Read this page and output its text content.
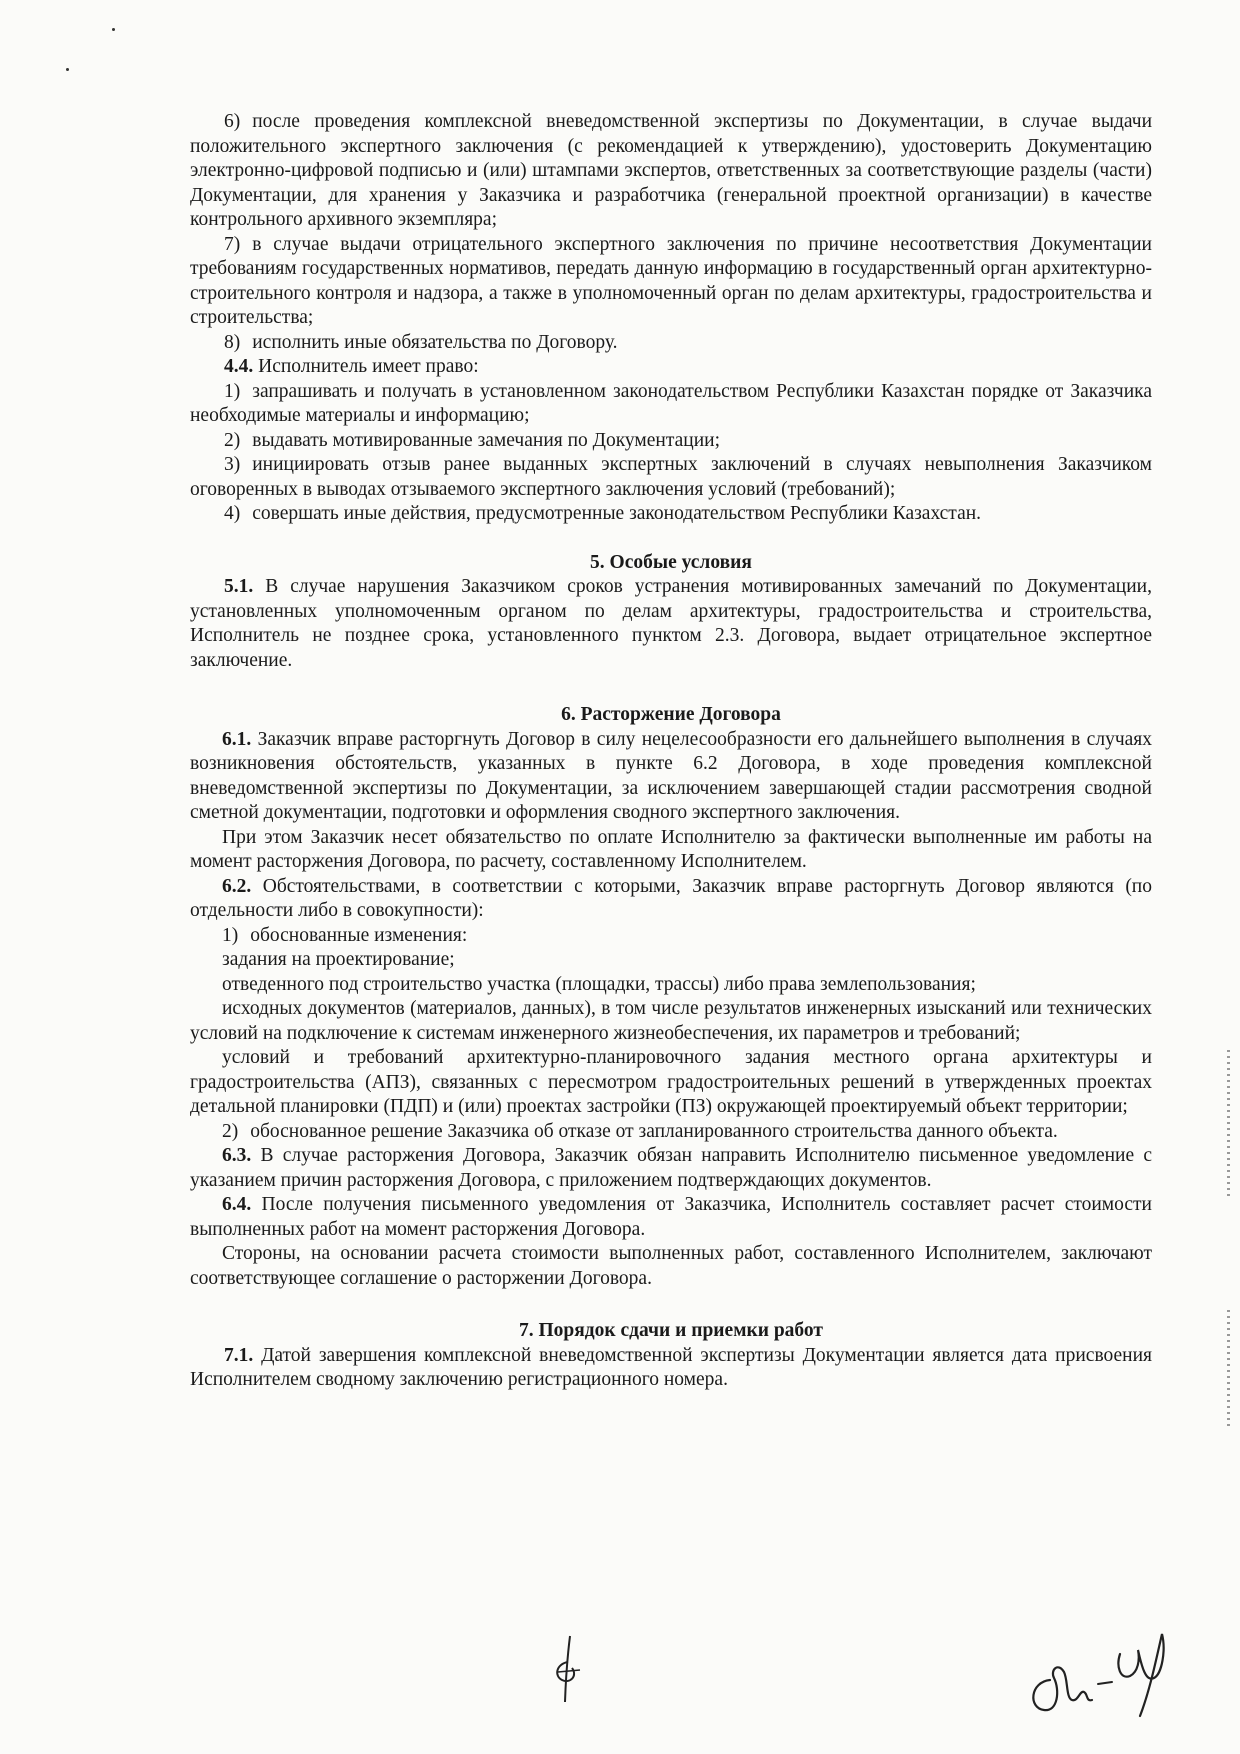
6) после проведения комплексной вневедомственной экспертизы по Документации, в случае выдачи положительного экспертного заключения (с рекомендацией к утверждению), удостоверить Документацию электронно-цифровой подписью и (или) штампами экспертов, ответственных за соответствующие разделы (части) Документации, для хранения у Заказчика и разработчика (генеральной проектной организации) в качестве контрольного архивного экземпляра;

7) в случае выдачи отрицательного экспертного заключения по причине несоответствия Документации требованиям государственных нормативов, передать данную информацию в государственный орган архитектурно-строительного контроля и надзора, а также в уполномоченный орган по делам архитектуры, градостроительства и строительства;

8) исполнить иные обязательства по Договору.

4.4. Исполнитель имеет право:

1) запрашивать и получать в установленном законодательством Республики Казахстан порядке от Заказчика необходимые материалы и информацию;

2) выдавать мотивированные замечания по Документации;

3) инициировать отзыв ранее выданных экспертных заключений в случаях невыполнения Заказчиком оговоренных в выводах отзываемого экспертного заключения условий (требований);

4) совершать иные действия, предусмотренные законодательством Республики Казахстан.

5. Особые условия

5.1. В случае нарушения Заказчиком сроков устранения мотивированных замечаний по Документации, установленных уполномоченным органом по делам архитектуры, градостроительства и строительства, Исполнитель не позднее срока, установленного пунктом 2.3. Договора, выдает отрицательное экспертное заключение.

6. Расторжение Договора

6.1. Заказчик вправе расторгнуть Договор в силу нецелесообразности его дальнейшего выполнения в случаях возникновения обстоятельств, указанных в пункте 6.2 Договора, в ходе проведения комплексной вневедомственной экспертизы по Документации, за исключением завершающей стадии рассмотрения сводной сметной документации, подготовки и оформления сводного экспертного заключения.

При этом Заказчик несет обязательство по оплате Исполнителю за фактически выполненные им работы на момент расторжения Договора, по расчету, составленному Исполнителем.

6.2. Обстоятельствами, в соответствии с которыми, Заказчик вправе расторгнуть Договор являются (по отдельности либо в совокупности):

1) обоснованные изменения:

задания на проектирование;

отведенного под строительство участка (площадки, трассы) либо права землепользования;

исходных документов (материалов, данных), в том числе результатов инженерных изысканий или технических условий на подключение к системам инженерного жизнеобеспечения, их параметров и требований;

условий и требований архитектурно-планировочного задания местного органа архитектуры и градостроительства (АПЗ), связанных с пересмотром градостроительных решений в утвержденных проектах детальной планировки (ПДП) и (или) проектах застройки (ПЗ) окружающей проектируемый объект территории;

2) обоснованное решение Заказчика об отказе от запланированного строительства данного объекта.

6.3. В случае расторжения Договора, Заказчик обязан направить Исполнителю письменное уведомление с указанием причин расторжения Договора, с приложением подтверждающих документов.

6.4. После получения письменного уведомления от Заказчика, Исполнитель составляет расчет стоимости выполненных работ на момент расторжения Договора.

Стороны, на основании расчета стоимости выполненных работ, составленного Исполнителем, заключают соответствующее соглашение о расторжении Договора.

7. Порядок сдачи и приемки работ

7.1. Датой завершения комплексной вневедомственной экспертизы Документации является дата присвоения Исполнителем сводному заключению регистрационного номера.
